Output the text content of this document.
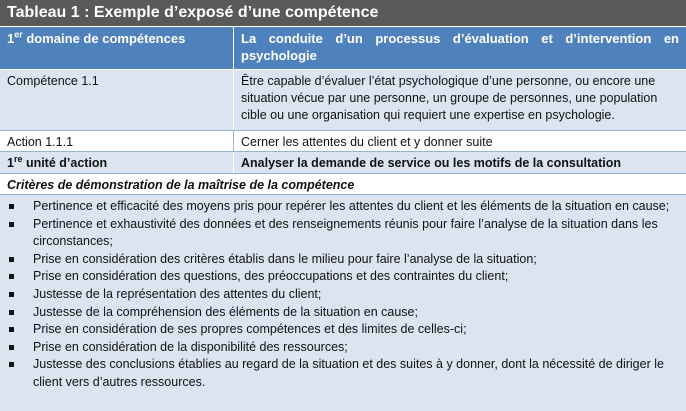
Tableau 1 : Exemple d’exposé d’une compétence
1er domaine de compétences	La conduite d’un processus d’évaluation et d’intervention en psychologie
Compétence 1.1	Être capable d’évaluer l’état psychologique d’une personne, ou encore une situation vécue par une personne, un groupe de personnes, une population cible ou une organisation qui requiert une expertise en psychologie.
Action 1.1.1	Cerner les attentes du client et y donner suite
1re unité d’action	Analyser la demande de service ou les motifs de la consultation
Critères de démonstration de la maîtrise de la compétence
Pertinence et efficacité des moyens pris pour repérer les attentes du client et les éléments de la situation en cause;
Pertinence et exhaustivité des données et des renseignements réunis pour faire l’analyse de la situation dans les circonstances;
Prise en considération des critères établis dans le milieu pour faire l’analyse de la situation;
Prise en considération des questions, des préoccupations et des contraintes du client;
Justesse de la représentation des attentes du client;
Justesse de la compréhension des éléments de la situation en cause;
Prise en considération de ses propres compétences et des limites de celles-ci;
Prise en considération de la disponibilité des ressources;
Justesse des conclusions établies au regard de la situation et des suites à y donner, dont la nécessité de diriger le client vers d’autres ressources.
